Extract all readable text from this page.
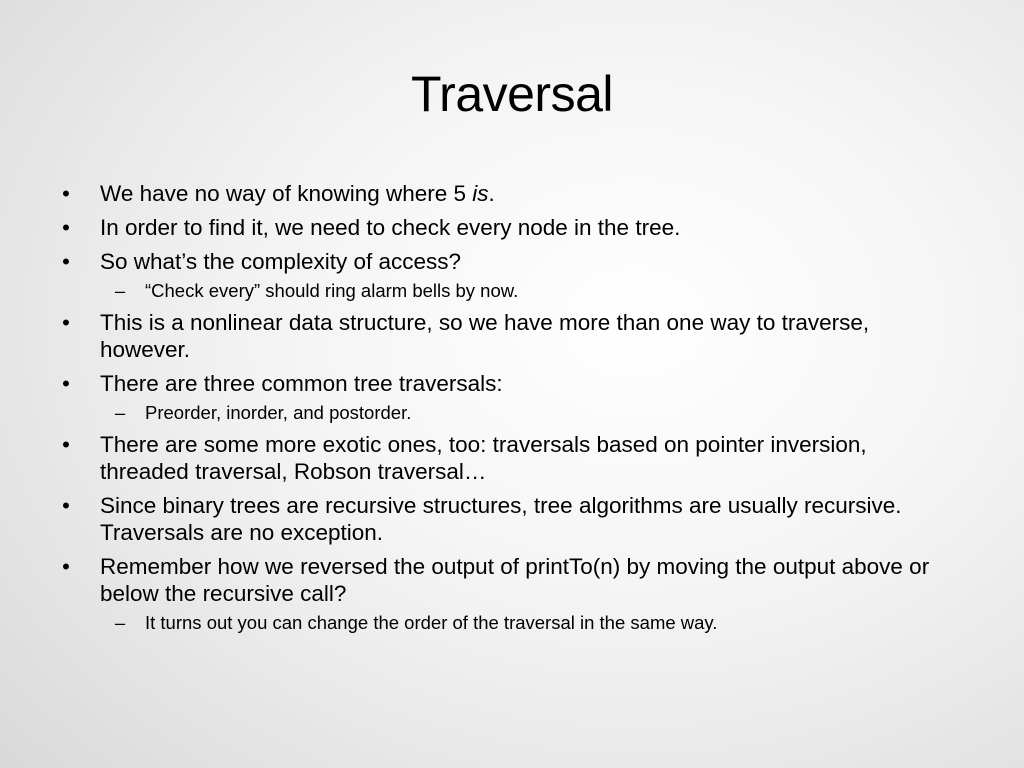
Traversal
• We have no way of knowing where 5 is.
• In order to find it, we need to check every node in the tree.
• So what’s the complexity of access?
– “Check every” should ring alarm bells by now.
• This is a nonlinear data structure, so we have more than one way to traverse, however.
• There are three common tree traversals:
– Preorder, inorder, and postorder.
• There are some more exotic ones, too: traversals based on pointer inversion, threaded traversal, Robson traversal…
• Since binary trees are recursive structures, tree algorithms are usually recursive. Traversals are no exception.
• Remember how we reversed the output of printTo(n) by moving the output above or below the recursive call?
– It turns out you can change the order of the traversal in the same way.
